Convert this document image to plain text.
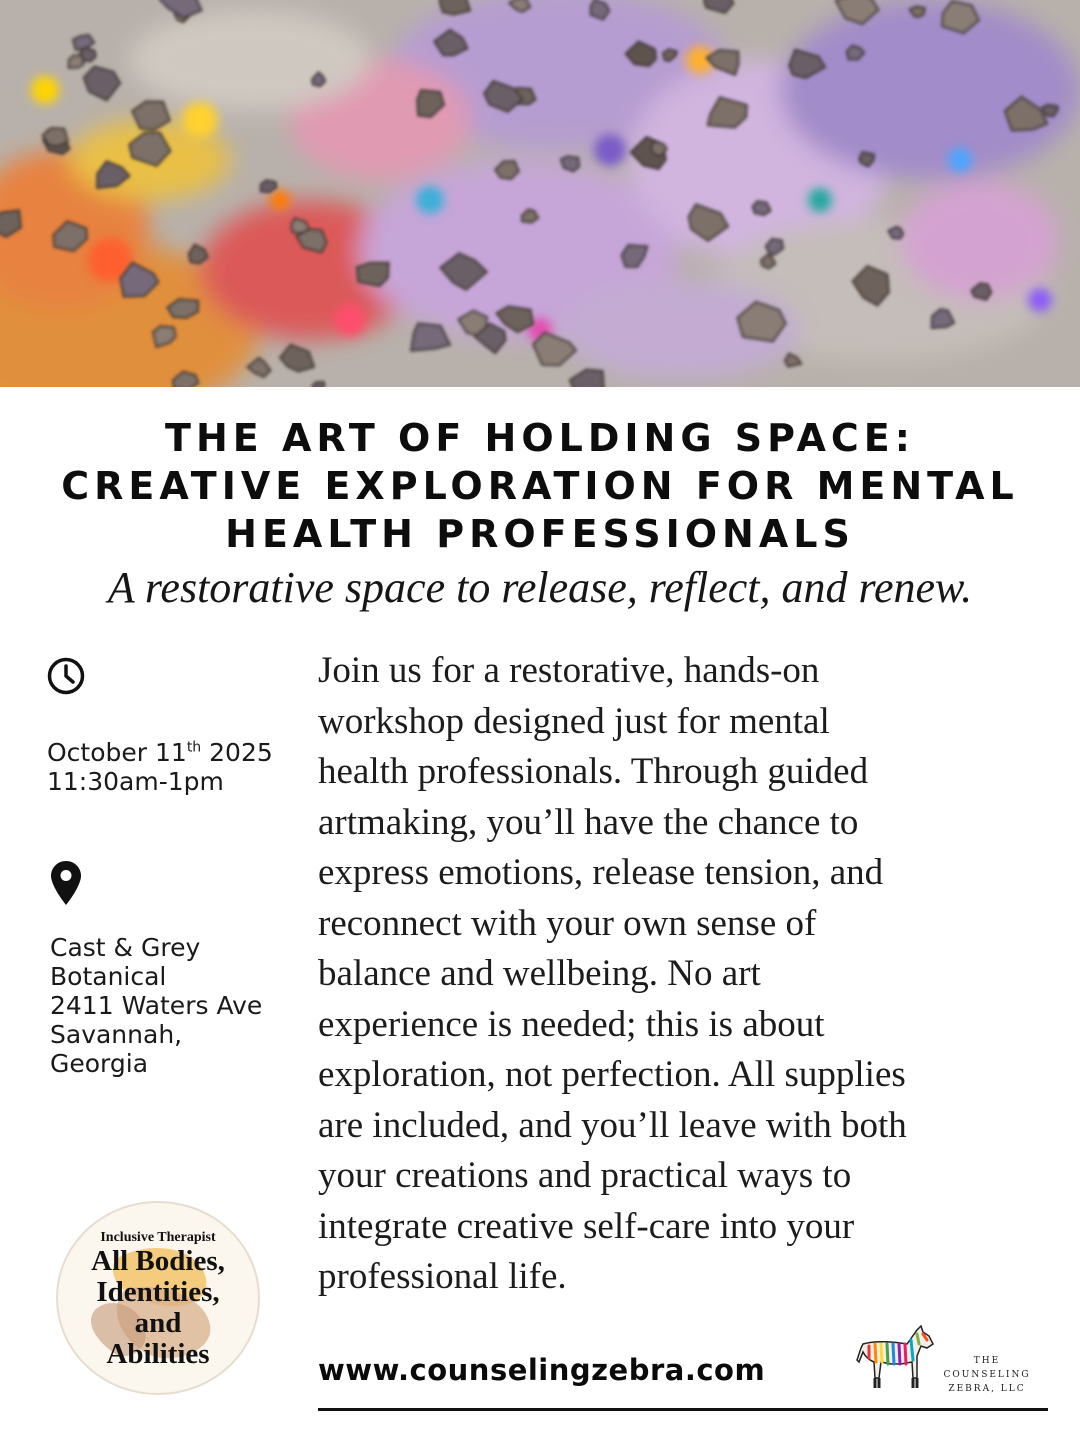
THE ART OF HOLDING SPACE:
CREATIVE EXPLORATION FOR MENTAL
HEALTH PROFESSIONALS
A restorative space to release, reflect, and renew.
October 11th 2025
11:30am-1pm
Cast & Grey
Botanical
2411 Waters Ave
Savannah,
Georgia
Join us for a restorative, hands-on
workshop designed just for mental
health professionals. Through guided
artmaking, you’ll have the chance to
express emotions, release tension, and
reconnect with your own sense of
balance and wellbeing. No art
experience is needed; this is about
exploration, not perfection. All supplies
are included, and you’ll leave with both
your creations and practical ways to
integrate creative self-care into your
professional life.
Inclusive Therapist
All Bodies,
Identities,
and
Abilities	www.counselingzebra.com	THE COUNSELING
ZEBRA, LLC
